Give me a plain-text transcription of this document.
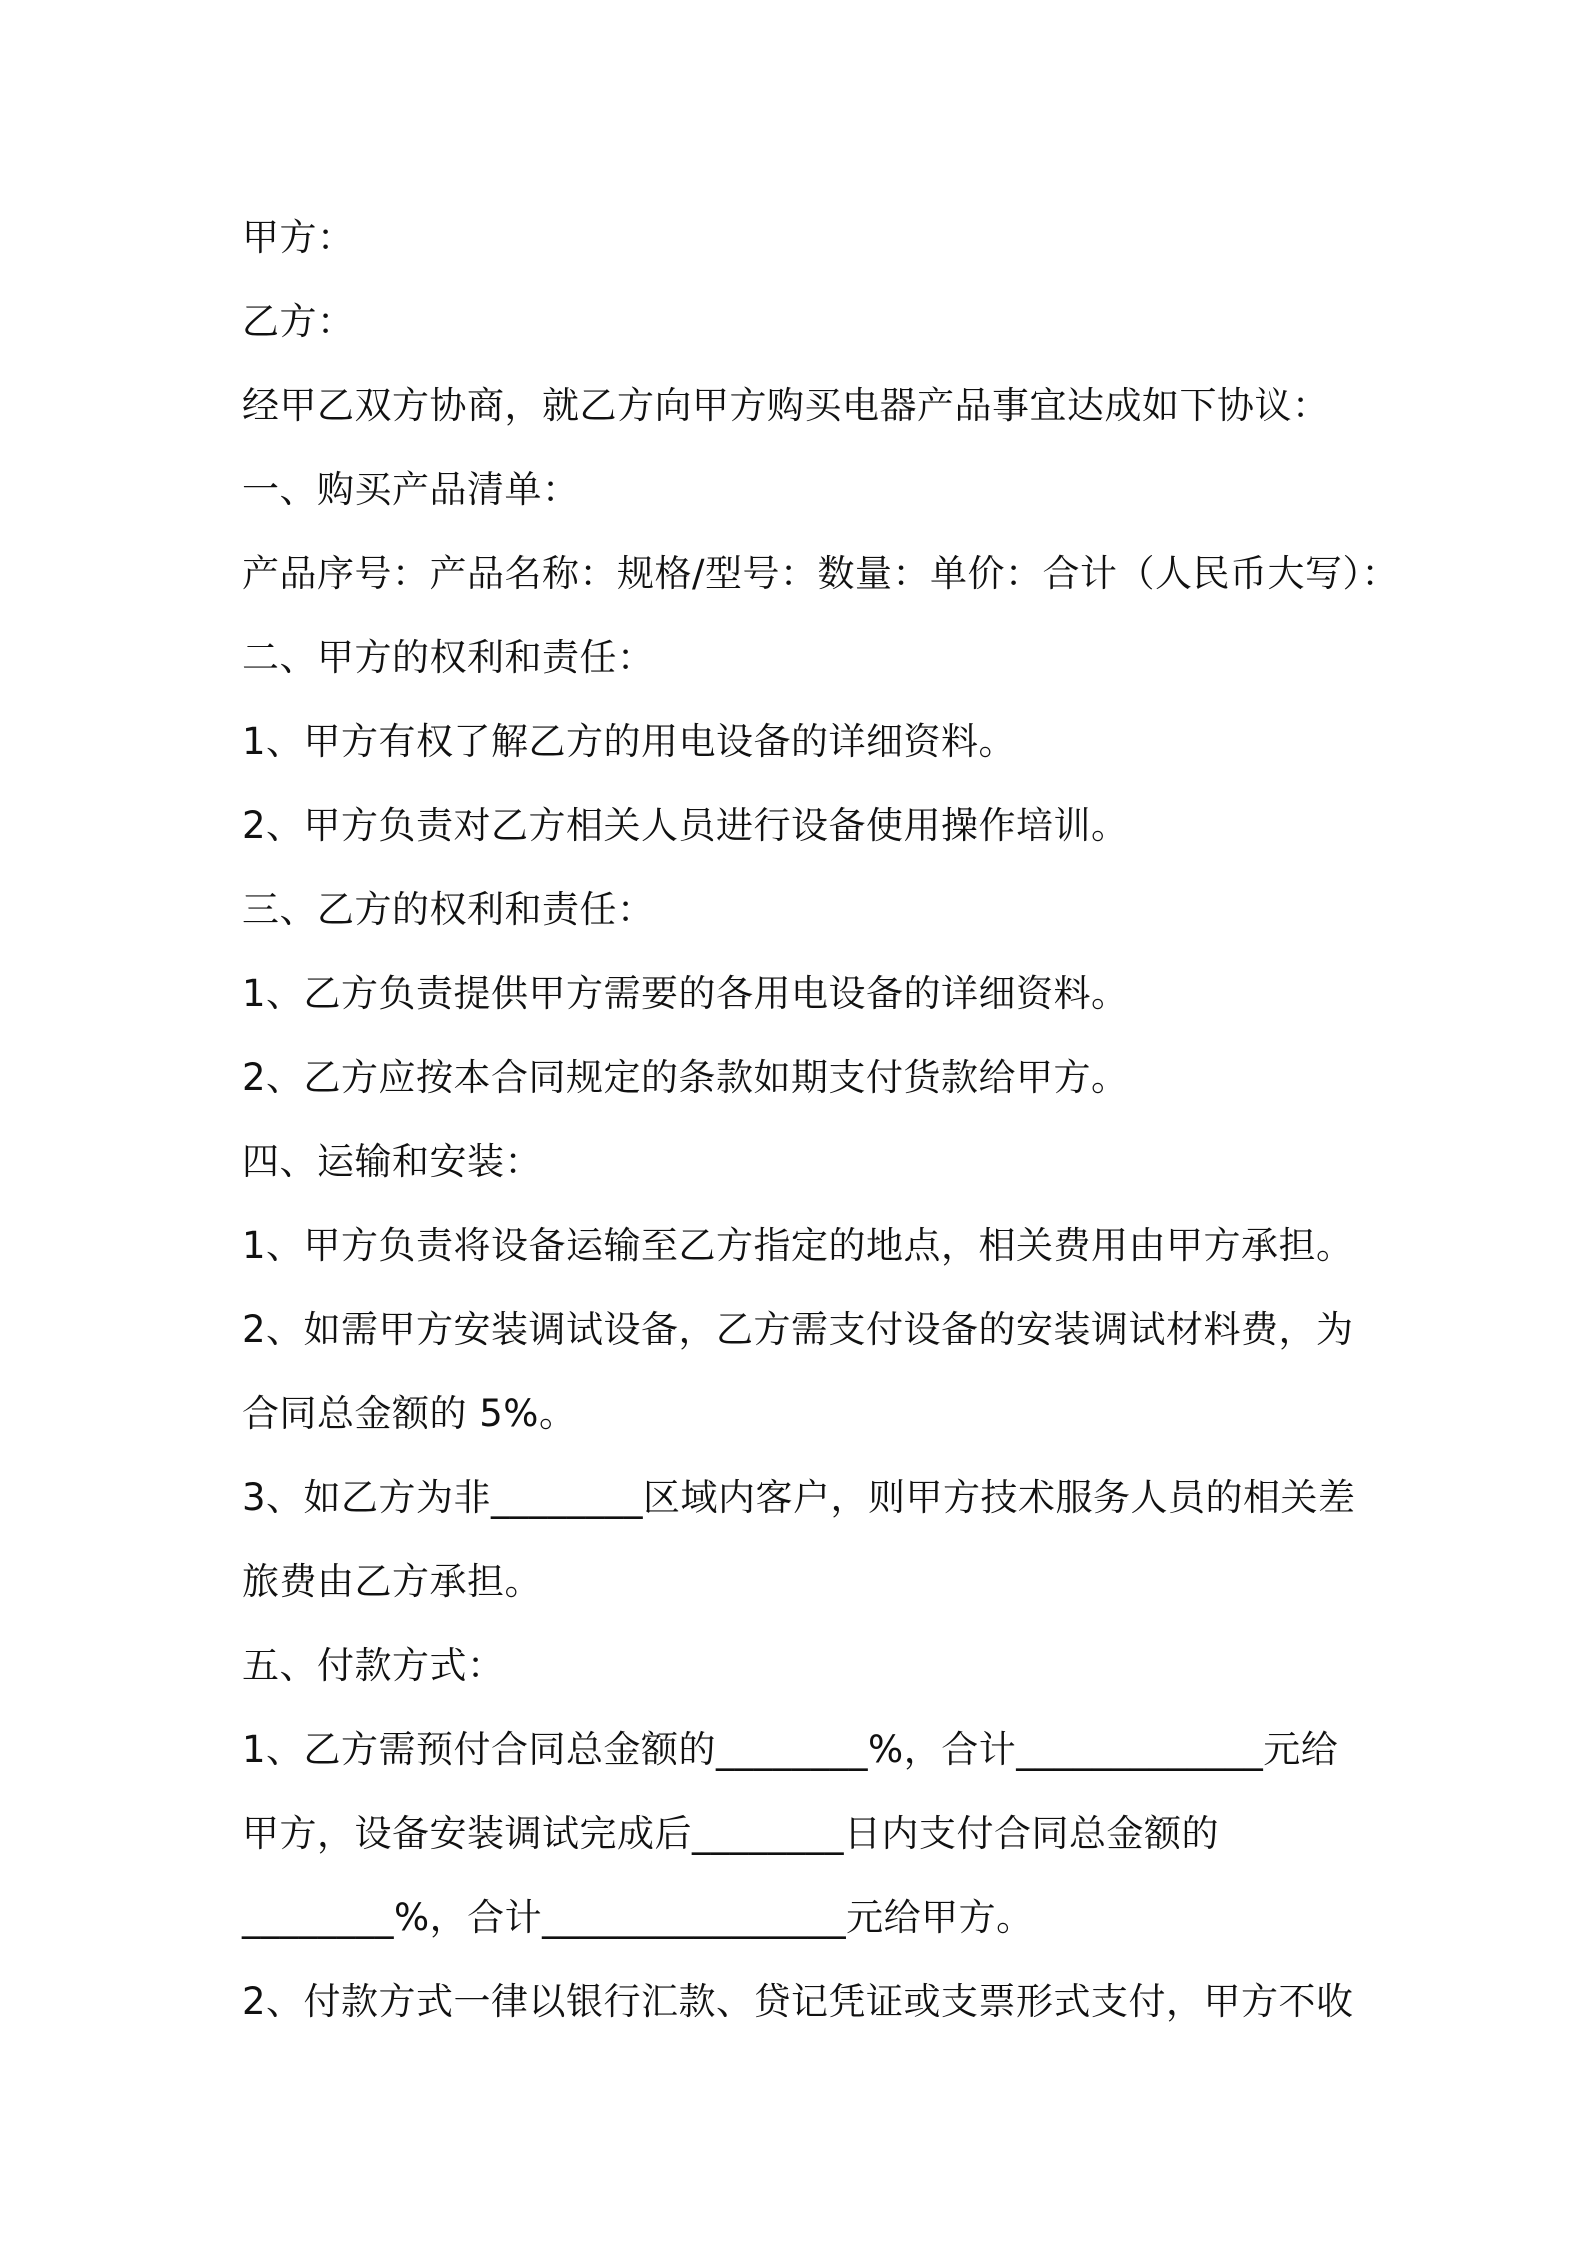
甲方：
乙方：
经甲乙双方协商，就乙方向甲方购买电器产品事宜达成如下协议：
一、购买产品清单：
产品序号：产品名称：规格/型号：数量：单价：合计（人民币大写）：
二、甲方的权利和责任：
1、甲方有权了解乙方的用电设备的详细资料。
2、甲方负责对乙方相关人员进行设备使用操作培训。
三、乙方的权利和责任：
1、乙方负责提供甲方需要的各用电设备的详细资料。
2、乙方应按本合同规定的条款如期支付货款给甲方。
四、运输和安装：
1、甲方负责将设备运输至乙方指定的地点，相关费用由甲方承担。
2、如需甲方安装调试设备，乙方需支付设备的安装调试材料费，为
合同总金额的 5%。
3、如乙方为非________区域内客户，则甲方技术服务人员的相关差
旅费由乙方承担。
五、付款方式：
1、乙方需预付合同总金额的________%，合计_____________元给
甲方，设备安装调试完成后________日内支付合同总金额的
________%，合计________________元给甲方。
2、付款方式一律以银行汇款、贷记凭证或支票形式支付，甲方不收
